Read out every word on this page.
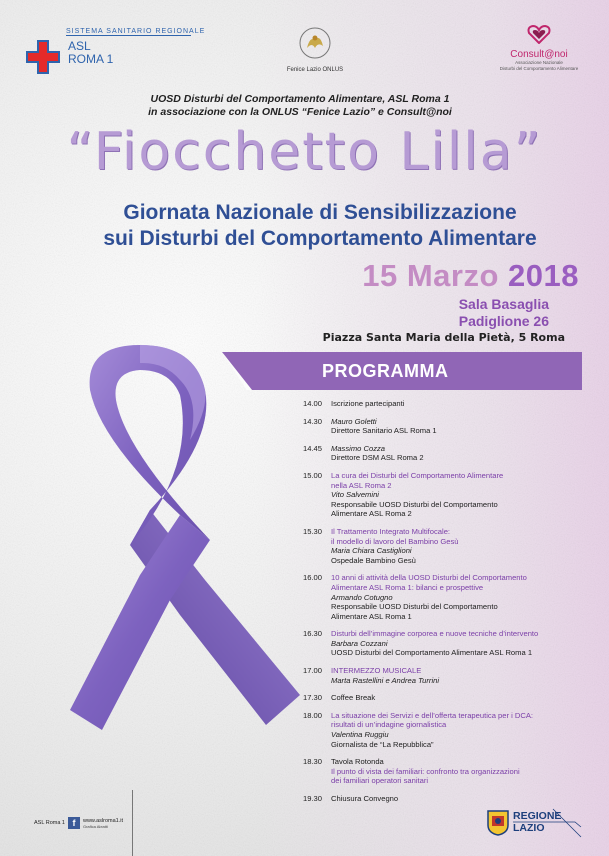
SISTEMA SANITARIO REGIONALE
ASL
ROMA 1
Fenice Lazio ONLUS
Consult@noi
Associazione Nazionale
Disturbi del Comportamento Alimentare
UOSD Disturbi del Comportamento Alimentare, ASL Roma 1
in associazione con la ONLUS “Fenice Lazio” e Consult@noi
“Fiocchetto Lilla”
Giornata Nazionale di Sensibilizzazione
sui Disturbi del Comportamento Alimentare
15 Marzo 2018
Sala Basaglia
Padiglione 26
Piazza Santa Maria della Pietà, 5 Roma
PROGRAMMA
14.00 Iscrizione partecipanti
14.30 Mauro Goletti
Direttore Sanitario ASL Roma 1
14.45 Massimo Cozza
Direttore DSM ASL Roma 2
15.00 La cura dei Disturbi del Comportamento Alimentare
nella ASL Roma 2
Vito Salvemini
Responsabile UOSD Disturbi del Comportamento
Alimentare ASL Roma 2
15.30 Il Trattamento Integrato Multifocale:
il modello di lavoro del Bambino Gesù
Maria Chiara Castiglioni
Ospedale Bambino Gesù
16.00 10 anni di attività della UOSD Disturbi del Comportamento
Alimentare ASL Roma 1: bilanci e prospettive
Armando Cotugno
Responsabile UOSD Disturbi del Comportamento
Alimentare ASL Roma 1
16.30 Disturbi dell’immagine corporea e nuove tecniche d’intervento
Barbara Cozzani
UOSD Disturbi del Comportamento Alimentare ASL Roma 1
17.00 INTERMEZZO MUSICALE
Marta Rastellini e Andrea Turrini
17.30 Coffee Break
18.00 La situazione dei Servizi e dell’offerta terapeutica per i DCA:
risultati di un’indagine giornalistica
Valentina Ruggiu
Giornalista de “La Repubblica”
18.30 Tavola Rotonda
Il punto di vista dei familiari: confronto tra organizzazioni
dei familiari operatori sanitari
19.30 Chiusura Convegno
ASL Roma 1 f	www.aslroma1.it
Grafica Aleatti
REGIONE
LAZIO
